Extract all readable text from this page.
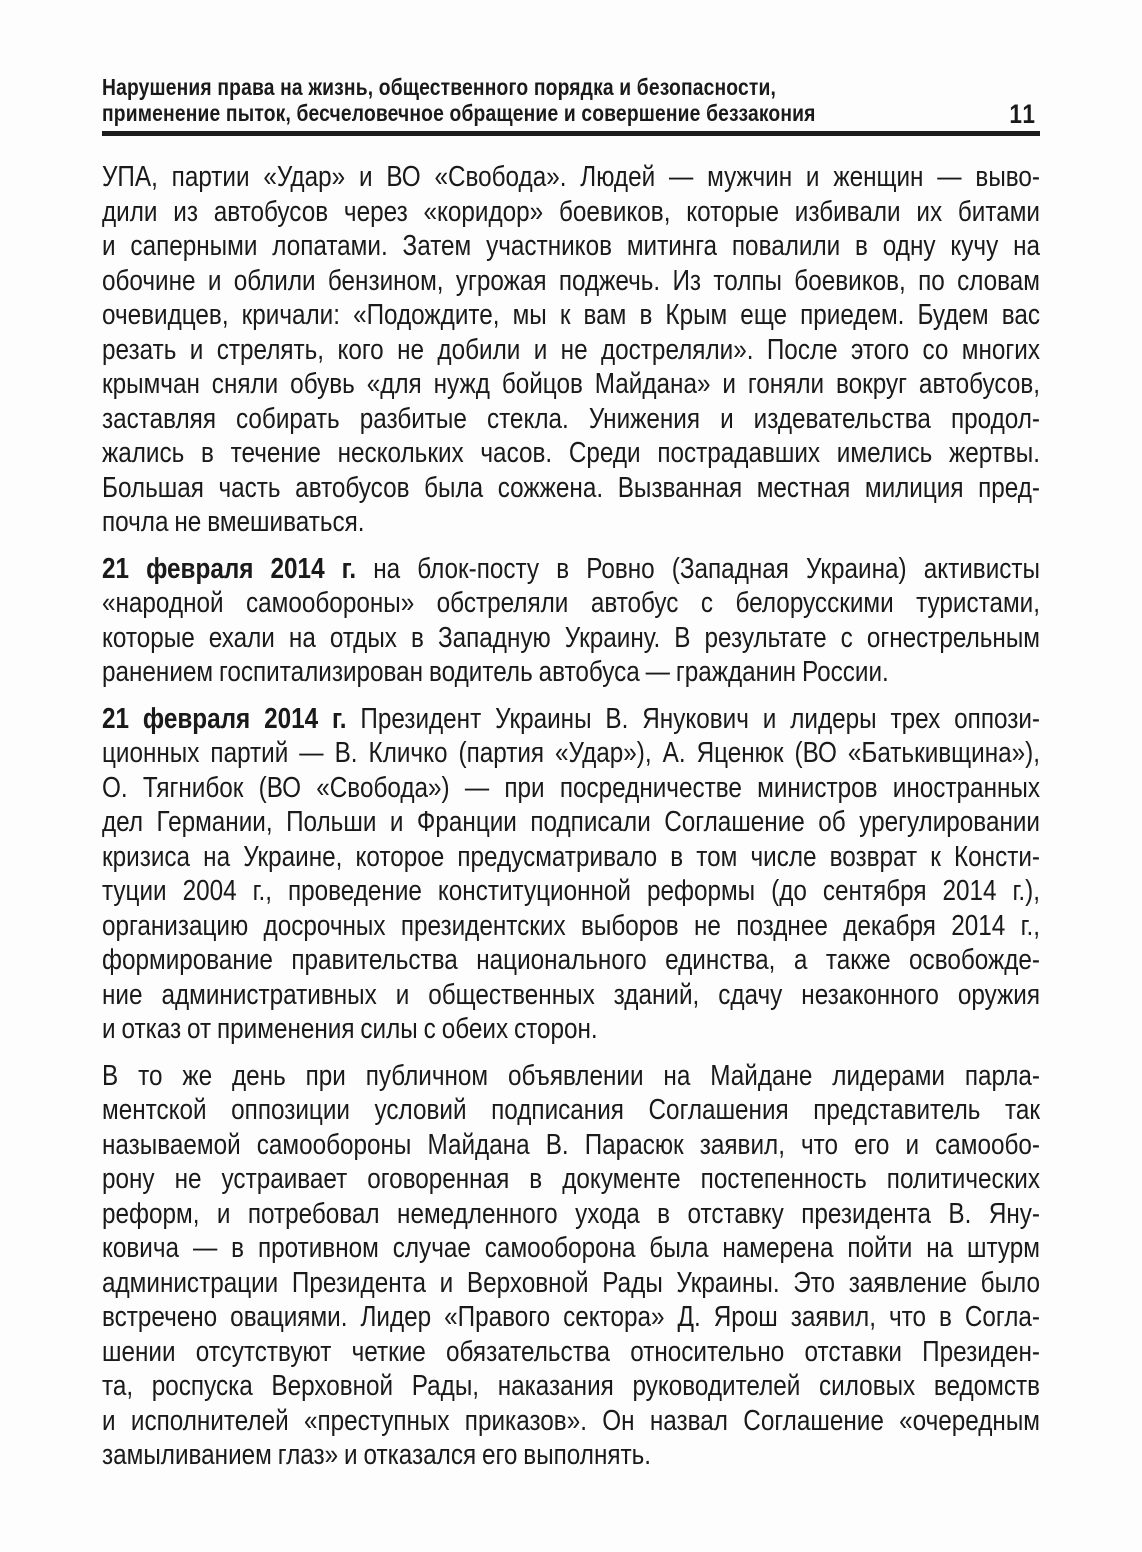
Нарушения права на жизнь, общественного порядка и безопасности,
применение пыток, бесчеловечное обращение и совершение беззакония	11
УПА, партии «Удар» и ВО «Свобода». Людей — мужчин и женщин — выво-
дили из автобусов через «коридор» боевиков, которые избивали их битами
и саперными лопатами. Затем участников митинга повалили в одну кучу на
обочине и облили бензином, угрожая поджечь. Из толпы боевиков, по словам
очевидцев, кричали: «Подождите, мы к вам в Крым еще приедем. Будем вас
резать и стрелять, кого не добили и не достреляли». После этого со многих
крымчан сняли обувь «для нужд бойцов Майдана» и гоняли вокруг автобусов,
заставляя собирать разбитые стекла. Унижения и издевательства продол-
жались в течение нескольких часов. Среди пострадавших имелись жертвы.
Большая часть автобусов была сожжена. Вызванная местная милиция пред-
почла не вмешиваться.
21 февраля 2014 г. на блок-посту в Ровно (Западная Украина) активисты
«народной самообороны» обстреляли автобус с белорусскими туристами,
которые ехали на отдых в Западную Украину. В результате с огнестрельным
ранением госпитализирован водитель автобуса — гражданин России.
21 февраля 2014 г. Президент Украины В. Янукович и лидеры трех оппози-
ционных партий — В. Кличко (партия «Удар»), А. Яценюк (ВО «Батькивщина»),
О. Тягнибок (ВО «Свобода») — при посредничестве министров иностранных
дел Германии, Польши и Франции подписали Соглашение об урегулировании
кризиса на Украине, которое предусматривало в том числе возврат к Консти-
туции 2004 г., проведение конституционной реформы (до сентября 2014 г.),
организацию досрочных президентских выборов не позднее декабря 2014 г.,
формирование правительства национального единства, а также освобожде-
ние административных и общественных зданий, сдачу незаконного оружия
и отказ от применения силы с обеих сторон.
В то же день при публичном объявлении на Майдане лидерами парла-
ментской оппозиции условий подписания Соглашения представитель так
называемой самообороны Майдана В. Парасюк заявил, что его и самообо-
рону не устраивает оговоренная в документе постепенность политических
реформ, и потребовал немедленного ухода в отставку президента В. Яну-
ковича — в противном случае самооборона была намерена пойти на штурм
администрации Президента и Верховной Рады Украины. Это заявление было
встречено овациями. Лидер «Правого сектора» Д. Ярош заявил, что в Согла-
шении отсутствуют четкие обязательства относительно отставки Президен-
та, роспуска Верховной Рады, наказания руководителей силовых ведомств
и исполнителей «преступных приказов». Он назвал Соглашение «очередным
замыливанием глаз» и отказался его выполнять.
